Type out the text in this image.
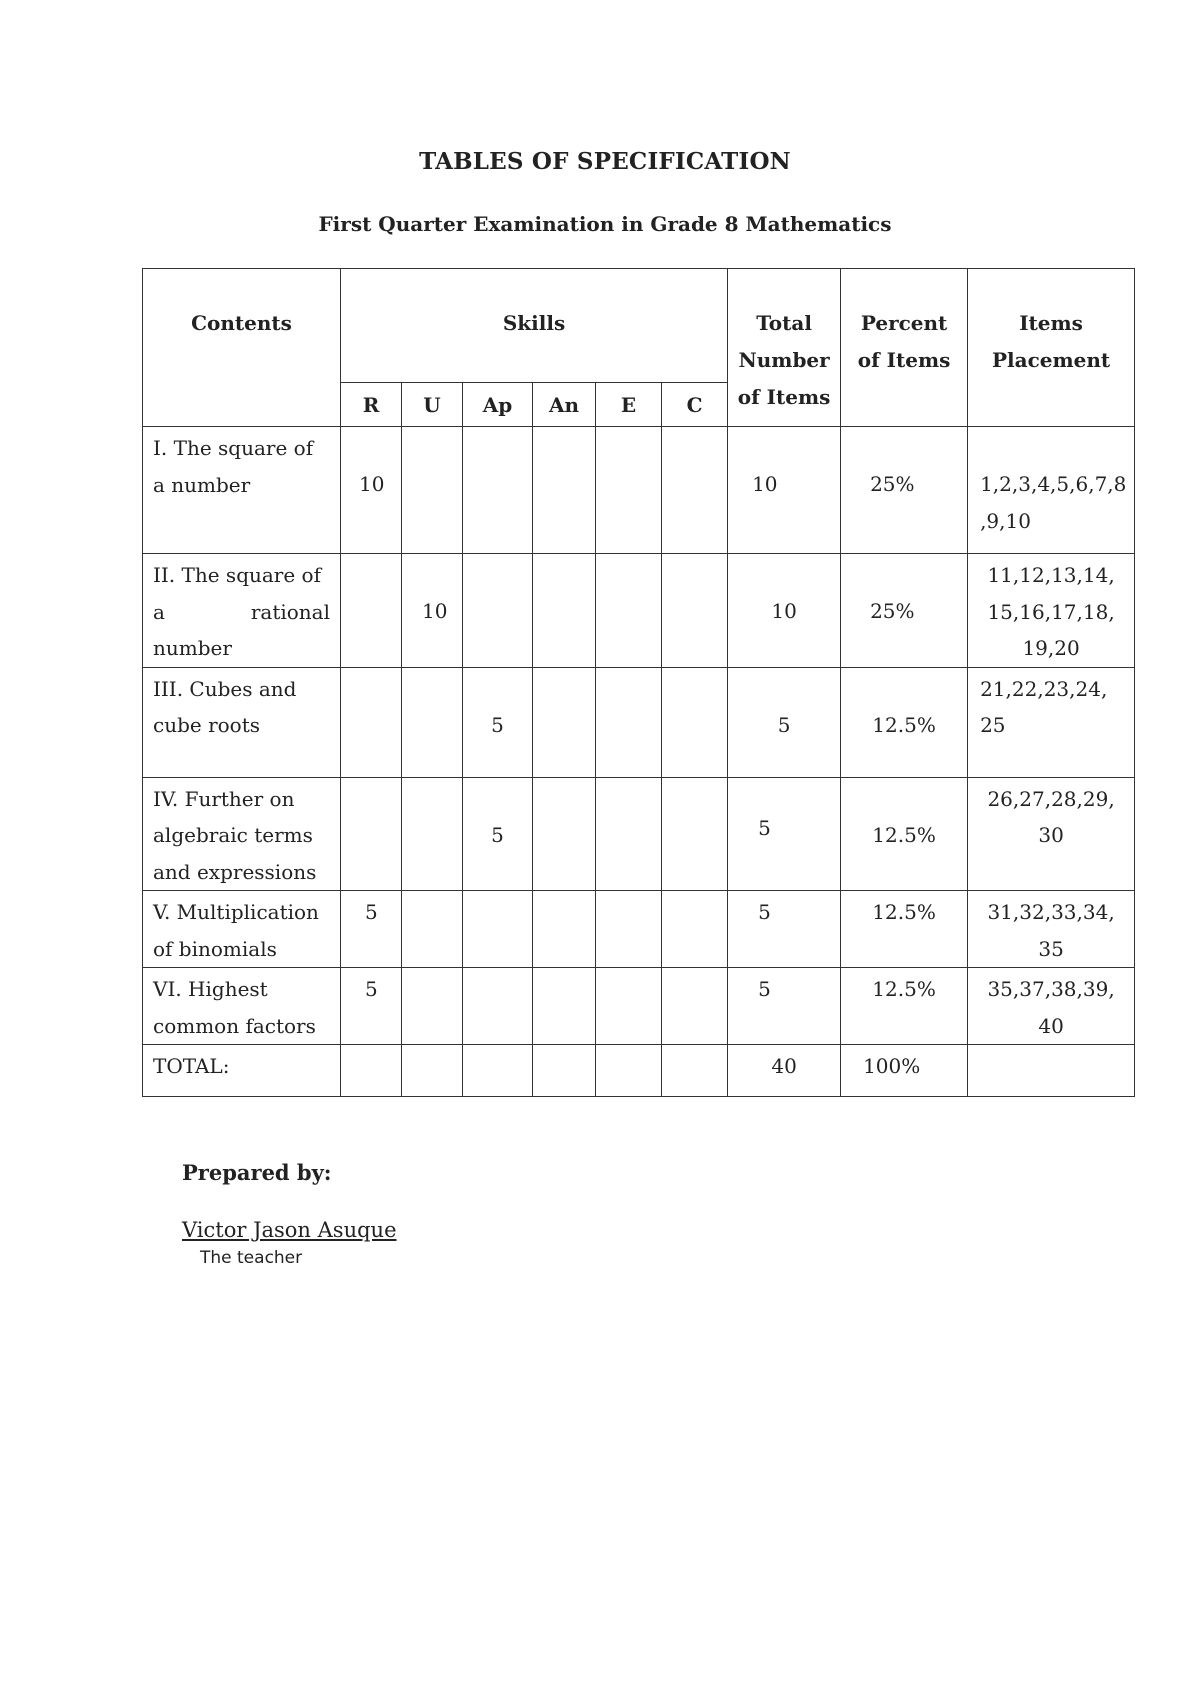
TABLES OF SPECIFICATION
First Quarter Examination in Grade 8 Mathematics
Contents	Skills						Total
Number
of Items	Percent
of Items	Items
Placement

	R	U	Ap	An	E	C			

I. The square of
a number	10						10	25%	1,2,3,4,5,6,7,8
,9,10

II. The square of
a rational number		10					10	25%	11,12,13,14,
15,16,17,18,
19,20

III. Cubes and
cube roots			5				5	12.5%	21,22,23,24,
25

IV. Further on
algebraic terms
and expressions			5				5	12.5%	26,27,28,29,
30

V. Multiplication
of binomials	5						5	12.5%	31,32,33,34,
35

VI. Highest
common factors	5						5	12.5%	35,37,38,39,
40

TOTAL:							40	100%	
Prepared by:
Victor Jason Asuque
The teacher
